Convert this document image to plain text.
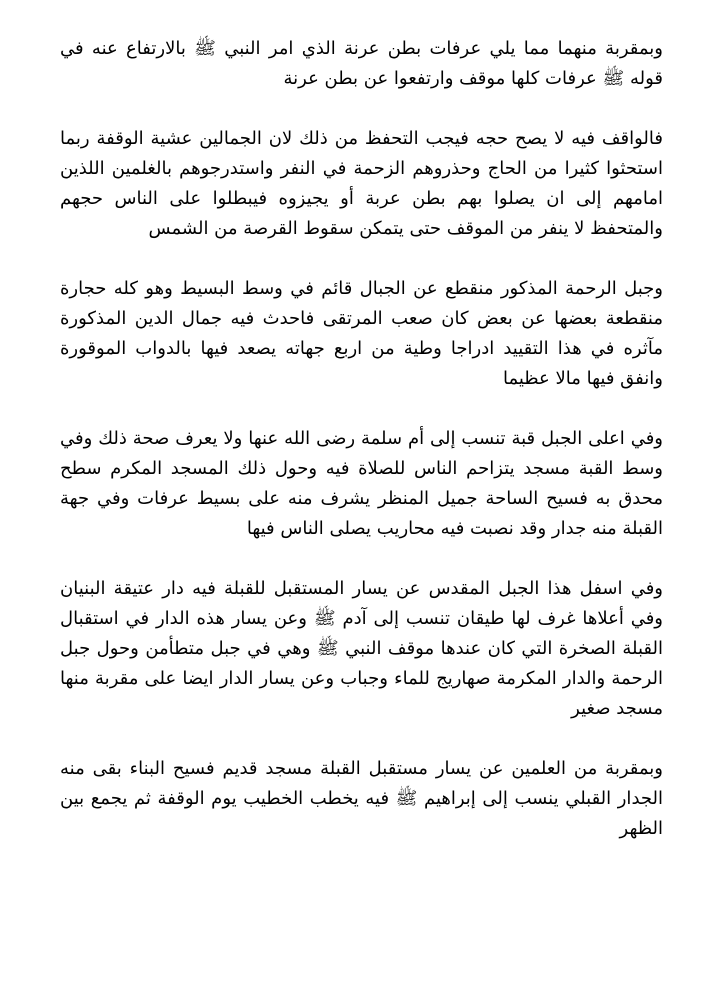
وبمقربة منهما مما يلي عرفات بطن عرنة الذي امر النبي ﷺ بالارتفاع عنه في قوله ﷺ عرفات كلها موقف وارتفعوا عن بطن عرنة

فالواقف فيه لا يصح حجه فيجب التحفظ من ذلك لان الجمالين عشية الوقفة ربما استحثوا كثيرا من الحاج وحذروهم الزحمة في النفر واستدرجوهم بالغلمين اللذين امامهم إلى ان يصلوا بهم بطن عربة أو يجيزوه فيبطلوا على الناس حجهم والمتحفظ لا ينفر من الموقف حتى يتمكن سقوط القرصة من الشمس

وجبل الرحمة المذكور منقطع عن الجبال قائم في وسط البسيط وهو كله حجارة منقطعة بعضها عن بعض كان صعب المرتقى فاحدث فيه جمال الدين المذكورة مآثره في هذا التقييد ادراجا وطية من اربع جهاته يصعد فيها بالدواب الموقورة وانفق فيها مالا عظيما

وفي اعلى الجبل قبة تنسب إلى أم سلمة رضى الله عنها ولا يعرف صحة ذلك وفي وسط القبة مسجد يتزاحم الناس للصلاة فيه وحول ذلك المسجد المكرم سطح محدق به فسيح الساحة جميل المنظر يشرف منه على بسيط عرفات وفي جهة القبلة منه جدار وقد نصبت فيه محاريب يصلى الناس فيها

وفي اسفل هذا الجبل المقدس عن يسار المستقبل للقبلة فيه دار عتيقة البنيان وفي أعلاها غرف لها طيقان تنسب إلى آدم ﷺ وعن يسار هذه الدار في استقبال القبلة الصخرة التي كان عندها موقف النبي ﷺ وهي في جبل متطأمن وحول جبل الرحمة والدار المكرمة صهاريج للماء وجباب وعن يسار الدار ايضا على مقربة منها مسجد صغير

وبمقربة من العلمين عن يسار مستقبل القبلة مسجد قديم فسيح البناء بقى منه الجدار القبلي ينسب إلى إبراهيم ﷺ فيه يخطب الخطيب يوم الوقفة ثم يجمع بين الظهر
